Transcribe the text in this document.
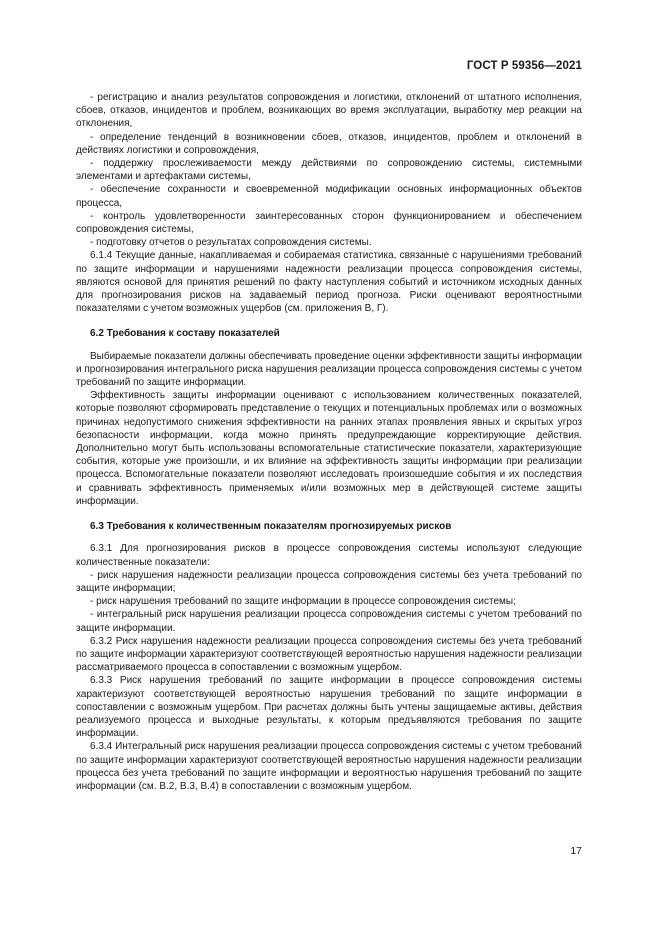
ГОСТ Р 59356—2021

- регистрацию и анализ результатов сопровождения и логистики, отклонений от штатного исполнения, сбоев, отказов, инцидентов и проблем, возникающих во время эксплуатации, выработку мер реакции на отклонения,

- определение тенденций в возникновении сбоев, отказов, инцидентов, проблем и отклонений в действиях логистики и сопровождения,

- поддержку прослеживаемости между действиями по сопровождению системы, системными элементами и артефактами системы,

- обеспечение сохранности и своевременной модификации основных информационных объектов процесса,

- контроль удовлетворенности заинтересованных сторон функционированием и обеспечением сопровождения системы,

- подготовку отчетов о результатах сопровождения системы.

6.1.4 Текущие данные, накапливаемая и собираемая статистика, связанные с нарушениями требований по защите информации и нарушениями надежности реализации процесса сопровождения системы, являются основой для принятия решений по факту наступления событий и источником исходных данных для прогнозирования рисков на задаваемый период прогноза. Риски оценивают вероятностными показателями с учетом возможных ущербов (см. приложения В, Г).

6.2 Требования к составу показателей

Выбираемые показатели должны обеспечивать проведение оценки эффективности защиты информации и прогнозирования интегрального риска нарушения реализации процесса сопровождения системы с учетом требований по защите информации.

Эффективность защиты информации оценивают с использованием количественных показателей, которые позволяют сформировать представление о текущих и потенциальных проблемах или о возможных причинах недопустимого снижения эффективности на ранних этапах проявления явных и скрытых угроз безопасности информации, когда можно принять предупреждающие корректирующие действия. Дополнительно могут быть использованы вспомогательные статистические показатели, характеризующие события, которые уже произошли, и их влияние на эффективность защиты информации при реализации процесса. Вспомогательные показатели позволяют исследовать произошедшие события и их последствия и сравнивать эффективность применяемых и/или возможных мер в действующей системе защиты информации.

6.3 Требования к количественным показателям прогнозируемых рисков

6.3.1 Для прогнозирования рисков в процессе сопровождения системы используют следующие количественные показатели:

- риск нарушения надежности реализации процесса сопровождения системы без учета требований по защите информации;

- риск нарушения требований по защите информации в процессе сопровождения системы;

- интегральный риск нарушения реализации процесса сопровождения системы с учетом требований по защите информации.

6.3.2 Риск нарушения надежности реализации процесса сопровождения системы без учета требований по защите информации характеризуют соответствующей вероятностью нарушения надежности реализации рассматриваемого процесса в сопоставлении с возможным ущербом.

6.3.3 Риск нарушения требований по защите информации в процессе сопровождения системы характеризуют соответствующей вероятностью нарушения требований по защите информации в сопоставлении с возможным ущербом. При расчетах должны быть учтены защищаемые активы, действия реализуемого процесса и выходные результаты, к которым предъявляются требования по защите информации.

6.3.4 Интегральный риск нарушения реализации процесса сопровождения системы с учетом требований по защите информации характеризуют соответствующей вероятностью нарушения надежности реализации процесса без учета требований по защите информации и вероятностью нарушения требований по защите информации (см. В.2, В.3, В.4) в сопоставлении с возможным ущербом.

17
